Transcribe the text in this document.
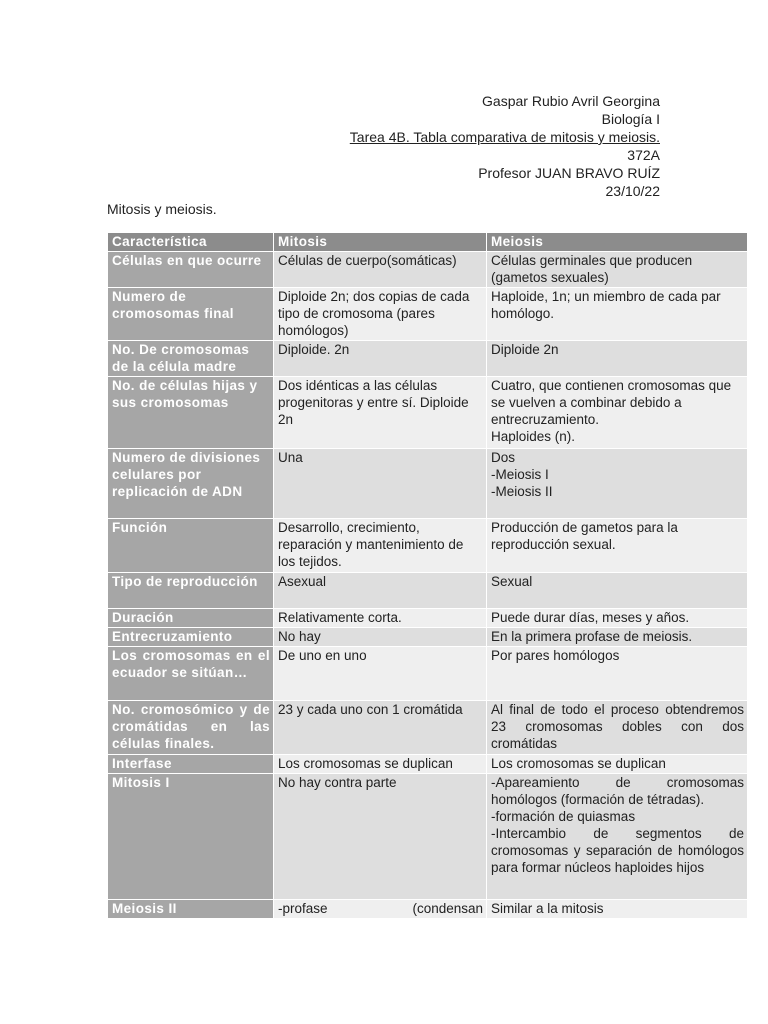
Gaspar Rubio Avril Georgina
Biología I
Tarea 4B. Tabla comparativa de mitosis y meiosis.
372A
Profesor JUAN BRAVO RUÍZ
23/10/22
Mitosis y meiosis.
Característica	Mitosis	Meiosis
Células en que ocurre	Células de cuerpo(somáticas)	Células germinales que producen (gametos sexuales)
Numero de cromosomas final	Diploide 2n; dos copias de cada tipo de cromosoma (pares homólogos)	Haploide, 1n; un miembro de cada par homólogo.
No. De cromosomas de la célula madre	Diploide. 2n	Diploide 2n
No. de células hijas y sus cromosomas	Dos idénticas a las células progenitoras y entre sí. Diploide 2n	Cuatro, que contienen cromosomas que se vuelven a combinar debido a entrecruzamiento.
Haploides (n).

Numero de divisiones celulares por replicación de ADN	Una	Dos
-Meiosis I
-Meiosis II

Función	Desarrollo, crecimiento, reparación y mantenimiento de los tejidos.	Producción de gametos para la reproducción sexual.
Tipo de reproducción	Asexual	Sexual
Duración	Relativamente corta.	Puede durar días, meses y años.
Entrecruzamiento	No hay	En la primera profase de meiosis.
Los cromosomas en el ecuador se sitúan…	De uno en uno	Por pares homólogos
No. cromosómico y de cromátidas en las células finales.	23 y cada uno con 1 cromátida	Al final de todo el proceso obtendremos 23 cromosomas dobles con dos cromátidas
Interfase	Los cromosomas se duplican	Los cromosomas se duplican
Mitosis I	No hay contra parte	-Apareamiento de cromosomas homólogos (formación de tétradas).
-formación de quiasmas
-Intercambio de segmentos de cromosomas y separación de homólogos para formar núcleos haploides hijos

Meiosis II	-profase (condensan	Similar a la mitosis
